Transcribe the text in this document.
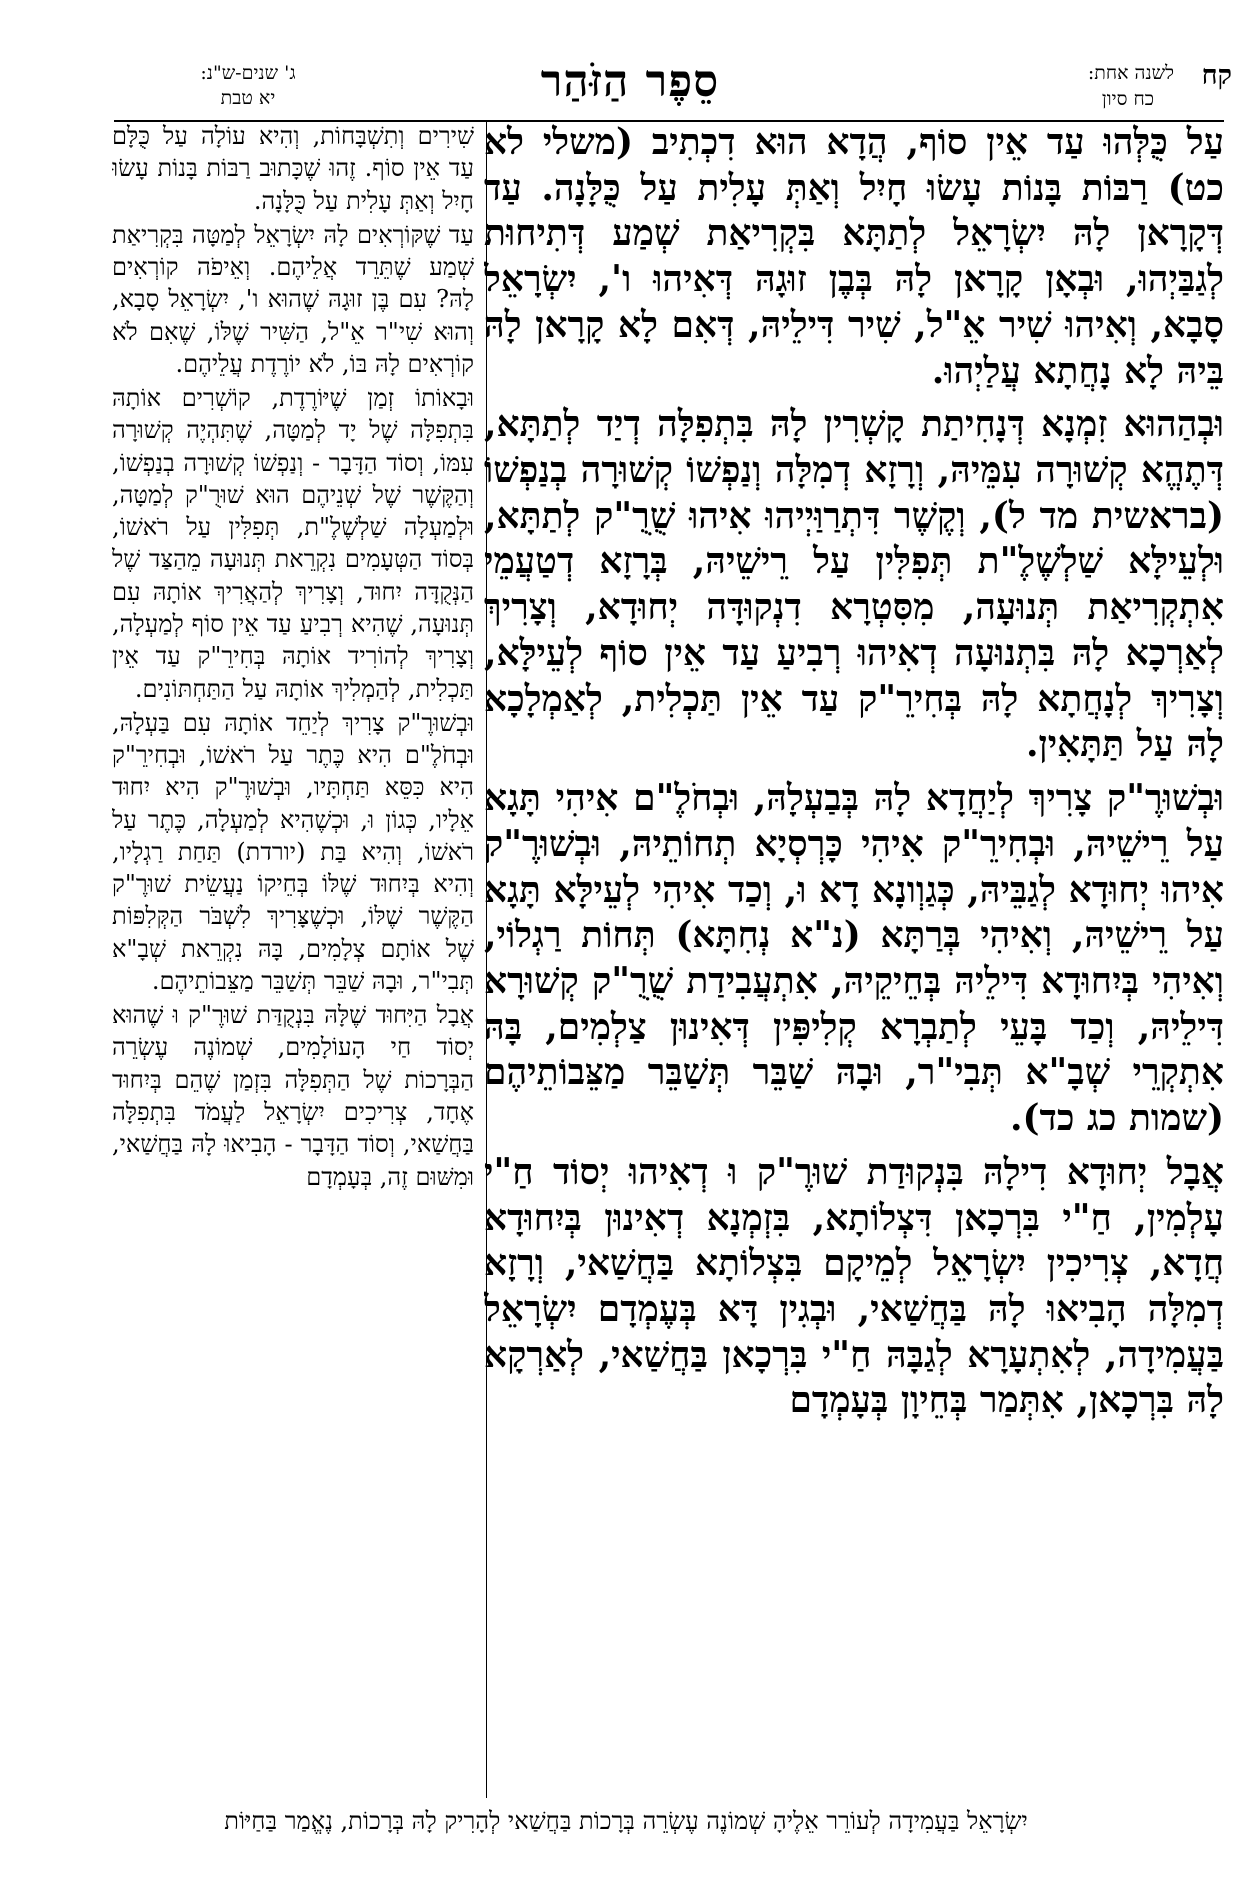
קח
לשנה אחת:
כח סיון
סֵפֶר הַזֹּהַר
ג' שנים-ש"נ:
יא טבת

עַל כֻּלְּהוּ עַד אֵין סוֹף, הֲדָא הוּא דִכְתִיב (משלי לא כט) רַבּוֹת בָּנוֹת עָשׂוּ חָיִל וְאַתְּ עָלִית עַל כֻּלָּנָה. עַד דְּקָרָאן לָהּ יִשְׂרָאֵל לְתַתָּא בִּקְרִיאַת שְׁמַע דְּתִיחוּת לְגַבַּיְהוּ, וּבְאָן קָרָאן לָהּ בְּבֶן זוּגָהּ דְּאִיהוּ ו', יִשְׂרָאֵל סָבָא, וְאִיהוּ שִׁיר אֵ"ל, שִׁיר דִּילֵיהּ, דְּאִם לָא קָרָאן לָהּ בֵּיהּ לָא נָחֲתָא עֲלַיְהוּ.

וּבְהַהוּא זִמְנָא דְּנָחִיתַת קָשְׁרִין לָהּ בִּתְפִלָּה דְיַד לְתַתָּא, דְּתֶהֱא קְשׁוּרָה עִמֵּיהּ, וְרָזָא דְמִלָּה וְנַפְשׁוֹ קְשׁוּרָה בְנַפְשׁוֹ (בראשית מד ל), וְקֶשֶׁר דִּתְרַוַּיְיהוּ אִיהוּ שֻׁרֻ"ק לְתַתָּא, וּלְעֵילָּא שַׁלְשֶׁלֶ"ת תְּפִלִּין עַל רֵישֵׁיהּ, בְּרָזָא דְטַעֲמֵי אִתְקְרִיאַת תְּנוּעָה, מִסִּטְרָא דִנְקוּדָּה יְחוּדָא, וְצָרִיךְ לְאַרְכָא לָהּ בִּתְנוּעָה דְאִיהוּ רְבִיעַ עַד אֵין סוֹף לְעֵילָּא, וְצָרִיךְ לְנָחֲתָא לָהּ בְּחִירֵ"ק עַד אֵין תַּכְלִית, לְאַמְלָכָא לָהּ עַל תַּתָּאִין.

וּבְשׁוּרֶ"ק צָרִיךְ לְיַחֲדָא לָהּ בְּבַעְלָהּ, וּבְחֹלֶ"ם אִיהִי תָּגָא עַל רֵישֵׁיהּ, וּבְחִירֵ"ק אִיהִי כָּרְסְיָא תְחוֹתֵיהּ, וּבְשׁוּרֶ"ק אִיהוּ יְחוּדָא לְגַבֵּיהּ, כְּגַוְונָא דָא וּ, וְכַד אִיהִי לְעֵילָּא תָּגָא עַל רֵישֵׁיהּ, וְאִיהִי בְּרַתָּא (נ"א נְחִתָּא) תְּחוֹת רַגְלוֹי, וְאִיהִי בְּיִחוּדָא דִּילֵיהּ בְּחֵיקֵיהּ, אִתְעֲבִידַת שֻׁרֻ"ק קְשׁוּרָא דִּילֵיהּ, וְכַד בָּעֵי לְתַבְרָא קְלִיפִּין דְּאִינוּן צַלְמִים, בָּהּ אִתְקְרֵי שְׁבָ"א תְּבִי"ר, וּבָהּ שַׁבֵּר תְּשַׁבֵּר מַצֵּבוֹתֵיהֶם (שמות כג כד).

אֲבָל יְחוּדָא דִילָהּ בִּנְקוּדַת שׁוּרֶ"ק וּ דְאִיהוּ יְסוֹד חַ"י עָלְמִין, חַ"י בִּרְכָאן דִּצְלוֹתָא, בִּזְמְנָא דְאִינוּן בְּיִחוּדָא חֲדָא, צְרִיכִין יִשְׂרָאֵל לְמֵיקָם בִּצְלוֹתָא בַּחֲשַׁאי, וְרָזָא דְמִלָּה הָבִיאוּ לָהּ בַּחֲשַׁאי, וּבְגִין דָּא בְּעֶמְדָם יִשְׂרָאֵל בַּעֲמִידָה, לְאִתְעָרָא לְגַבָּהּ חַ"י בִּרְכָאן בַּחֲשַׁאי, לְאַרְקָא לָהּ בִּרְכָאן, אִתְּמַר בְּחֵיוָן בְּעָמְדָם

שִׁירִים וְתִשְׁבָּחוֹת, וְהִיא עוֹלָה עַל כֻּלָּם עַד אֵין סוֹף. זֶהוּ שֶׁכָּתוּב רַבּוֹת בָּנוֹת עָשׂוּ חָיִל וְאַתְּ עָלִית עַל כֻּלָּנָה.

עַד שֶׁקּוֹרְאִים לָהּ יִשְׂרָאֵל לְמַטָּה בִּקְרִיאַת שְׁמַע שֶׁתֵּרֵד אֲלֵיהֶם. וְאֵיפֹה קוֹרְאִים לָהּ? עִם בֶּן זוּגָהּ שֶׁהוּא ו', יִשְׂרָאֵל סָבָא, וְהוּא שִׁי"ר אֵ"ל, הַשִּׁיר שֶׁלּוֹ, שֶׁאִם לֹא קוֹרְאִים לָהּ בּוֹ, לֹא יוֹרֶדֶת עֲלֵיהֶם.

וּבָאוֹתוֹ זְמַן שֶׁיּוֹרֶדֶת, קוֹשְׁרִים אוֹתָהּ בִּתְפִלָּה שֶׁל יָד לְמַטָּה, שֶׁתִּהְיֶה קְשׁוּרָה עִמּוֹ, וְסוֹד הַדָּבָר - וְנַפְשׁוֹ קְשׁוּרָה בְנַפְשׁוֹ, וְהַקֶּשֶׁר שֶׁל שְׁנֵיהֶם הוּא שׁוּרֻ"ק לְמַטָּה, וּלְמַעְלָה שַׁלְשֶׁלֶ"ת, תְּפִלִּין עַל רֹאשׁוֹ, בְּסוֹד הַטְּעָמִים נִקְרֵאת תְּנוּעָה מֵהַצַּד שֶׁל הַנְּקֻדָּה יִחוּד, וְצָרִיךְ לְהַאֲרִיךְ אוֹתָהּ עִם תְּנוּעָה, שֶׁהִיא רְבִיעַ עַד אֵין סוֹף לְמַעְלָה, וְצָרִיךְ לְהוֹרִיד אוֹתָהּ בְּחִירֵ"ק עַד אֵין תַּכְלִית, לְהַמְלִיךְ אוֹתָהּ עַל הַתַּחְתּוֹנִים.

וּבְשׁוּרֶ"ק צָרִיךְ לְיַחֵד אוֹתָהּ עִם בַּעְלָהּ, וּבְחֹלֶ"ם הִיא כֶּתֶר עַל רֹאשׁוֹ, וּבְחִירֵ"ק הִיא כִּסֵּא תַּחְתָּיו, וּבְשׁוּרֶ"ק הִיא יִחוּד אֵלָיו, כְּגוֹן וּ, וּכְשֶׁהִיא לְמַעְלָה, כֶּתֶר עַל רֹאשׁוֹ, וְהִיא בַּת (יורדת) תַּחַת רַגְלָיו, וְהִיא בְּיִחוּד שֶׁלּוֹ בְּחֵיקוֹ נַעֲשֵׂית שׁוּרֶ"ק הַקֶּשֶׁר שֶׁלּוֹ, וּכְשֶׁצָּרִיךְ לִשְׁבֹּר הַקְּלִפּוֹת שֶׁל אוֹתָם צְלָמִים, בָּהּ נִקְרֵאת שְׁבָ"א תְּבִי"ר, וּבָהּ שַׁבֵּר תְּשַׁבֵּר מַצֵּבוֹתֵיהֶם.

אֲבָל הַיִּחוּד שֶׁלָּהּ בִּנְקֻדַּת שׁוּרֶ"ק וּ שֶׁהוּא יְסוֹד חַי הָעוֹלָמִים, שְׁמוֹנֶה עֶשְׂרֵה הַבְּרָכוֹת שֶׁל הַתְּפִלָּה בִּזְמַן שֶׁהֵם בְּיִחוּד אֶחָד, צְרִיכִים יִשְׂרָאֵל לַעֲמֹד בִּתְפִלָּה בַּחֲשַׁאי, וְסוֹד הַדָּבָר - הָבִיאוּ לָהּ בַּחֲשַׁאי, וּמִשּׁוּם זֶה, בְּעָמְדָם

יִשְׂרָאֵל בַּעֲמִידָה לְעוֹרֵר אֵלֶיהָ שְׁמוֹנֶה עֶשְׂרֵה בְּרָכוֹת בַּחֲשַׁאי לְהָרִיק לָהּ בְּרָכוֹת, נֶאֱמַר בַּחַיּוֹת
